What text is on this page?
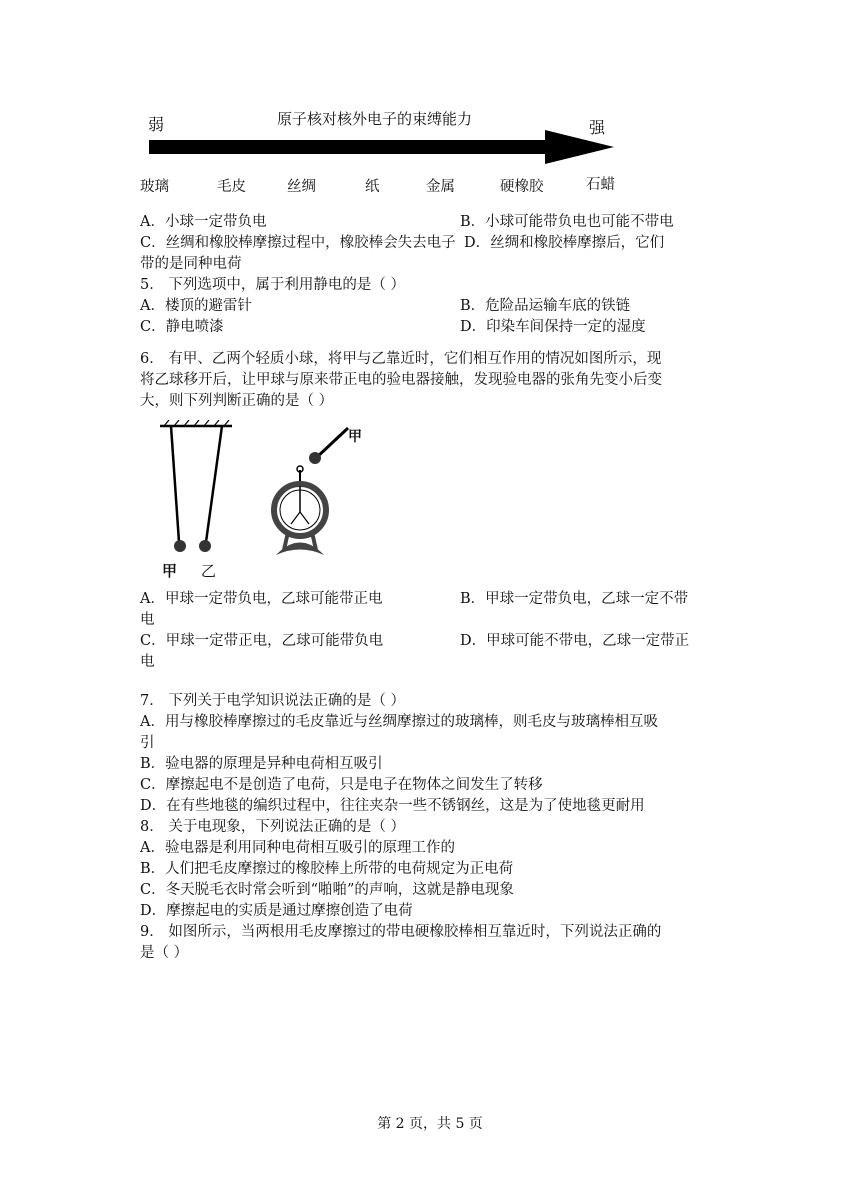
弱	强
原子核对核外电子的束缚能力
玻璃	毛皮	丝绸	纸	金属	硬橡胶	石蜡
A．小球一定带负电	B．小球可能带负电也可能不带电
C．丝绸和橡胶棒摩擦过程中，橡胶棒会失去电子 D．丝绸和橡胶棒摩擦后，它们
带的是同种电荷
5． 下列选项中，属于利用静电的是（ ）
A．楼顶的避雷针	B．危险品运输车底的铁链
C．静电喷漆	D．印染车间保持一定的湿度
6． 有甲、乙两个轻质小球，将甲与乙靠近时，它们相互作用的情况如图所示，现
将乙球移开后，让甲球与原来带正电的验电器接触，发现验电器的张角先变小后变
大，则下列判断正确的是（ ）
甲
甲 乙
A．甲球一定带负电，乙球可能带正电	B．甲球一定带负电，乙球一定不带
电
C．甲球一定带正电，乙球可能带负电	D．甲球可能不带电，乙球一定带正
电
7． 下列关于电学知识说法正确的是（ ）
A．用与橡胶棒摩擦过的毛皮靠近与丝绸摩擦过的玻璃棒，则毛皮与玻璃棒相互吸
引
B．验电器的原理是异种电荷相互吸引
C．摩擦起电不是创造了电荷，只是电子在物体之间发生了转移
D．在有些地毯的编织过程中，往往夹杂一些不锈钢丝，这是为了使地毯更耐用
8． 关于电现象，下列说法正确的是（ ）
A．验电器是利用同种电荷相互吸引的原理工作的
B．人们把毛皮摩擦过的橡胶棒上所带的电荷规定为正电荷
C．冬天脱毛衣时常会听到“啪啪”的声响，这就是静电现象
D．摩擦起电的实质是通过摩擦创造了电荷
9． 如图所示，当两根用毛皮摩擦过的带电硬橡胶棒相互靠近时，下列说法正确的
是（ ）
第 2 页，共 5 页
